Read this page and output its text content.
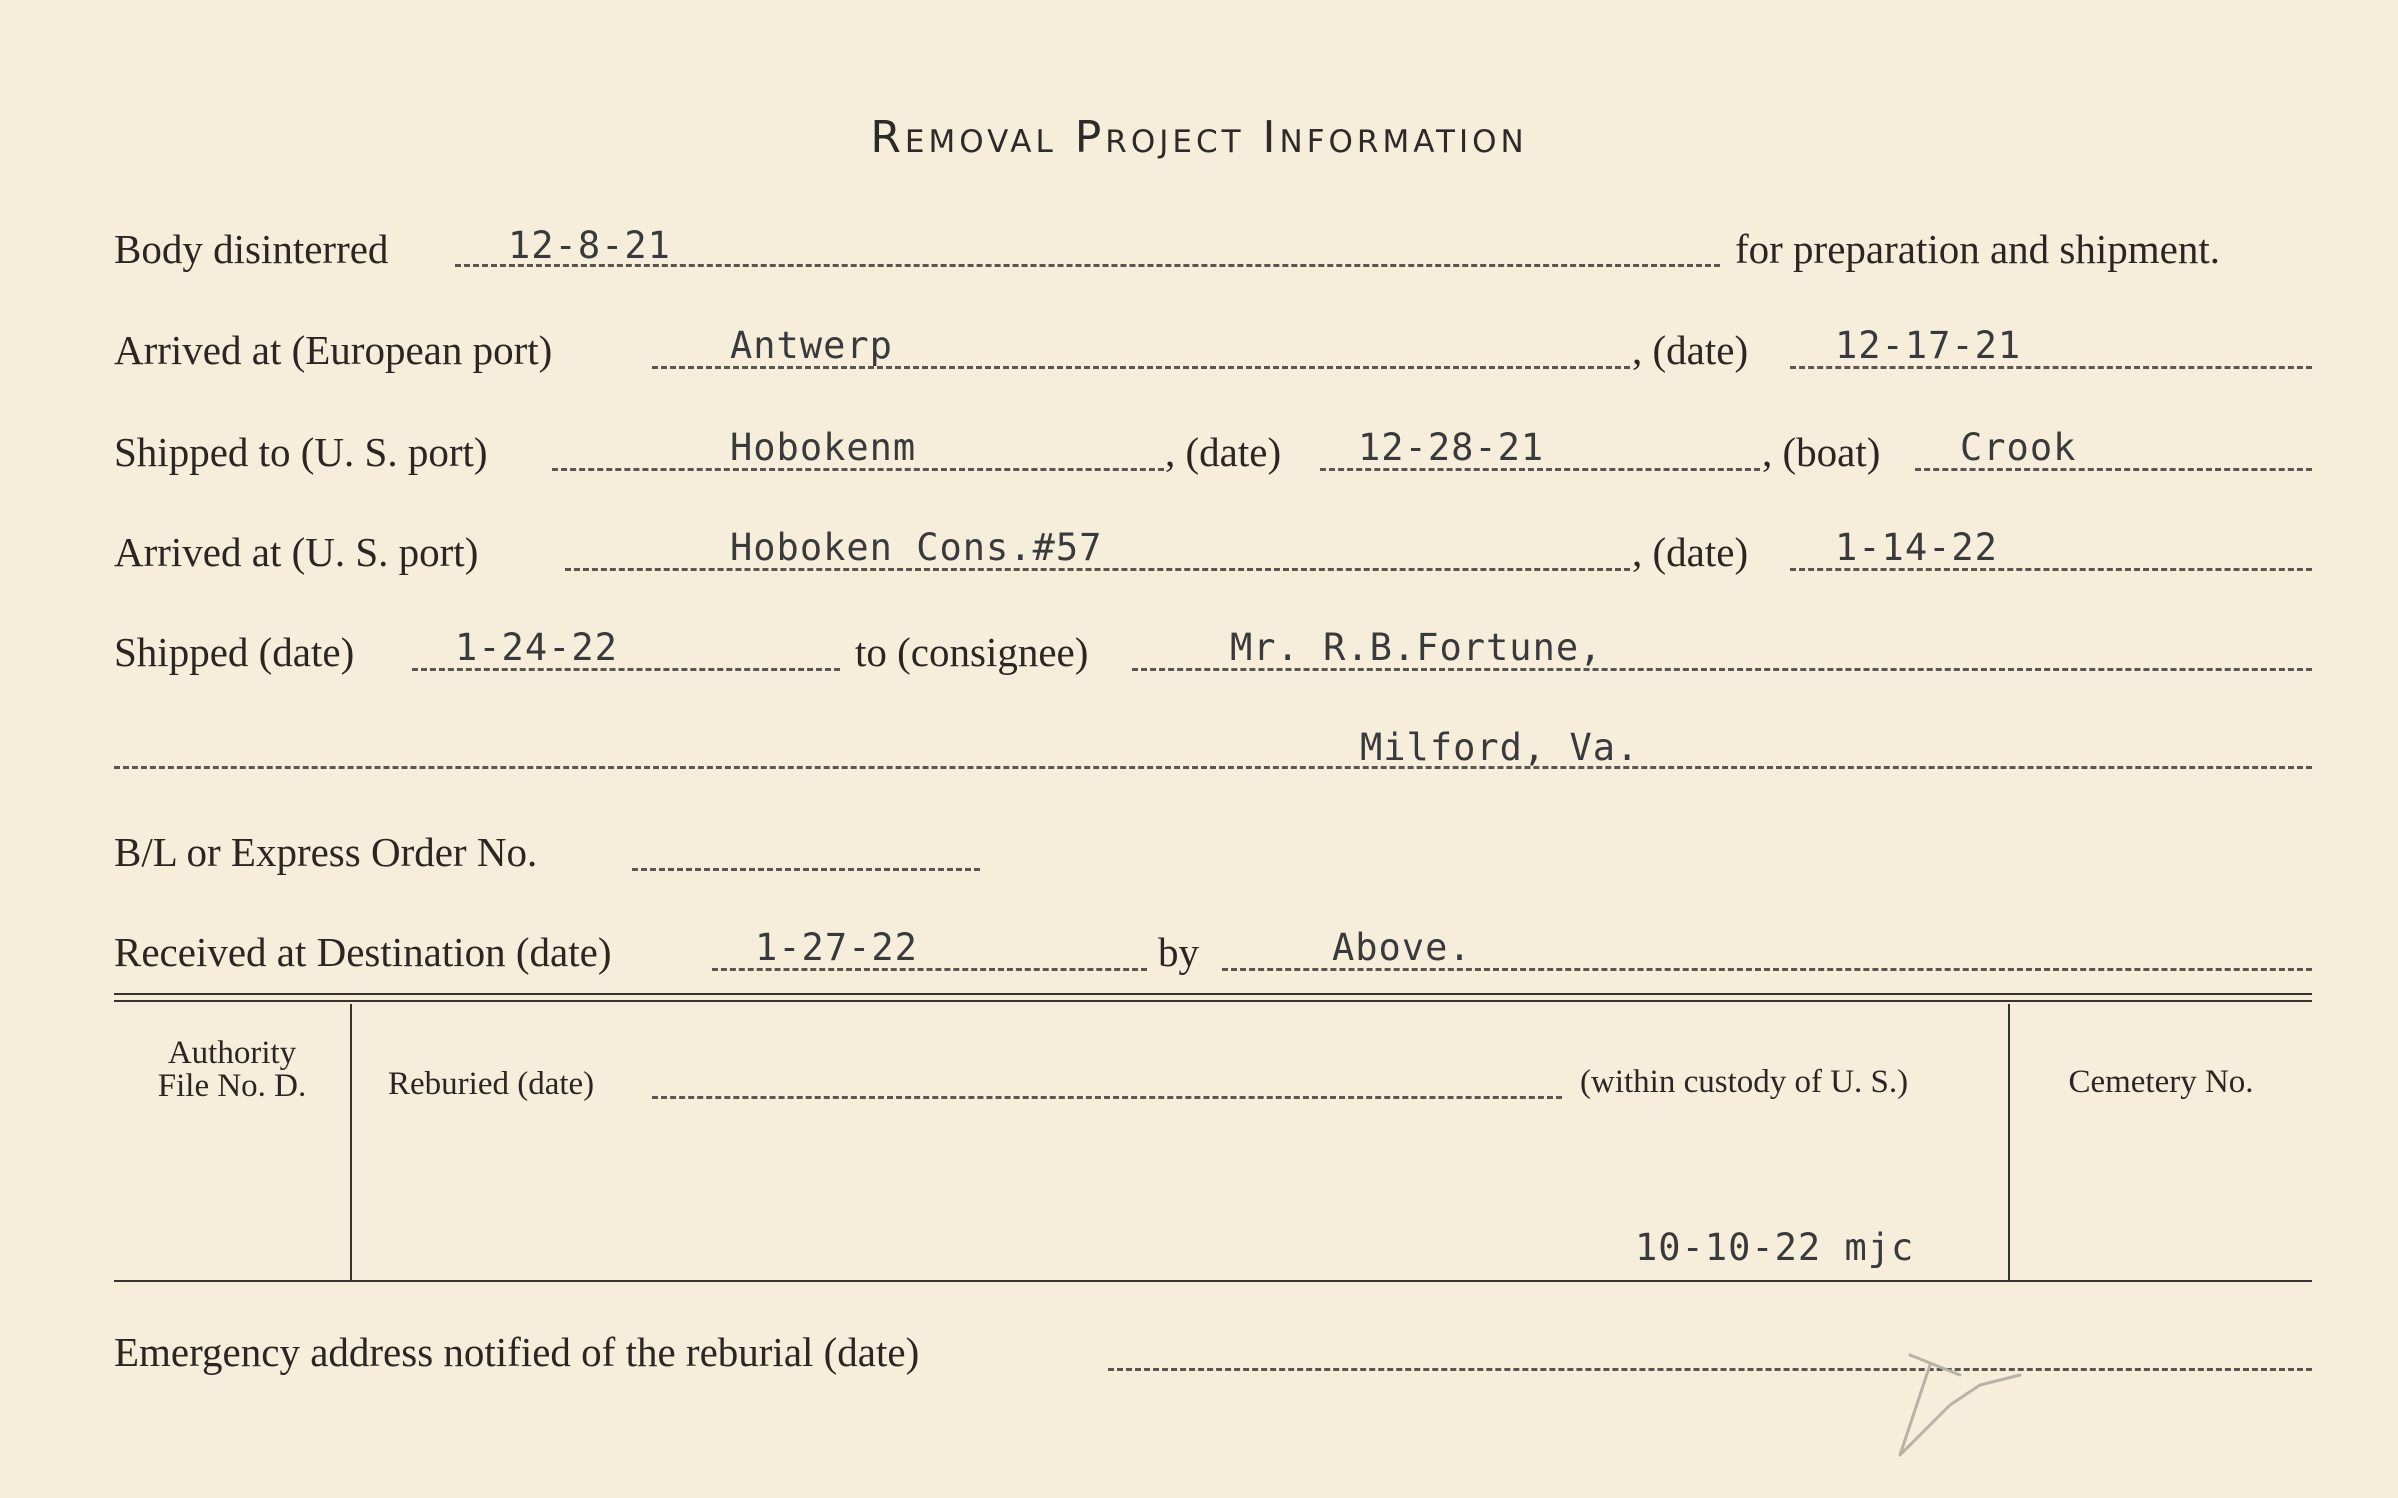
Removal Project Information
Body disinterred	12-8-21	for preparation and shipment.
Arrived at (European port)	Antwerp	, (date) 12-17-21
Shipped to (U. S. port)	Hobokenm	, (date) 12-28-21	, (boat) Crook
Arrived at (U. S. port)	Hoboken Cons.#57	, (date) 1-14-22
Shipped (date)	1-24-22	to (consignee)	Mr. R.B.Fortune,
Milford, Va.
B/L or Express Order No.
Received at Destination (date)	1-27-22	by	Above.
Authority
File No. D.	Reburied (date)	(within custody of U. S.)	Cemetery No.
10-10-22 mjc
Emergency address notified of the reburial (date)
